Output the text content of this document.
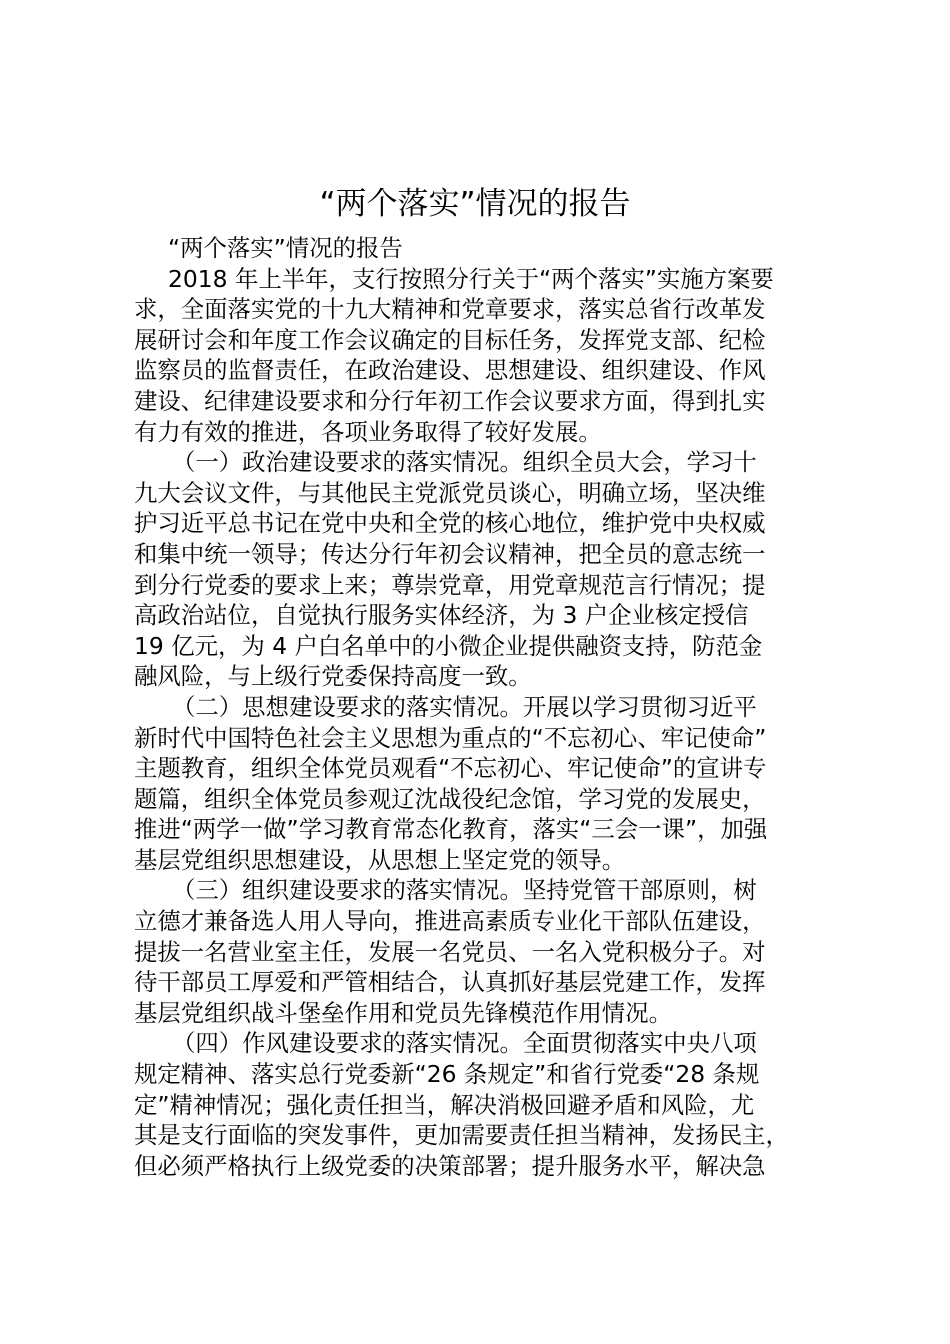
“两个落实”情况的报告
“两个落实”情况的报告
2018 年上半年，支行按照分行关于“两个落实”实施方案要
求，全面落实党的十九大精神和党章要求，落实总省行改革发
展研讨会和年度工作会议确定的目标任务，发挥党支部、纪检
监察员的监督责任，在政治建设、思想建设、组织建设、作风
建设、纪律建设要求和分行年初工作会议要求方面，得到扎实
有力有效的推进，各项业务取得了较好发展。
（一）政治建设要求的落实情况。组织全员大会，学习十
九大会议文件，与其他民主党派党员谈心，明确立场，坚决维
护习近平总书记在党中央和全党的核心地位，维护党中央权威
和集中统一领导；传达分行年初会议精神，把全员的意志统一
到分行党委的要求上来；尊崇党章，用党章规范言行情况；提
高政治站位，自觉执行服务实体经济，为 3 户企业核定授信
19 亿元，为 4 户白名单中的小微企业提供融资支持，防范金
融风险，与上级行党委保持高度一致。
（二）思想建设要求的落实情况。开展以学习贯彻习近平
新时代中国特色社会主义思想为重点的“不忘初心、牢记使命”
主题教育，组织全体党员观看“不忘初心、牢记使命”的宣讲专
题篇，组织全体党员参观辽沈战役纪念馆，学习党的发展史，
推进“两学一做”学习教育常态化教育，落实“三会一课”，加强
基层党组织思想建设，从思想上坚定党的领导。
（三）组织建设要求的落实情况。坚持党管干部原则，树
立德才兼备选人用人导向，推进高素质专业化干部队伍建设，
提拔一名营业室主任，发展一名党员、一名入党积极分子。对
待干部员工厚爱和严管相结合，认真抓好基层党建工作，发挥
基层党组织战斗堡垒作用和党员先锋模范作用情况。
（四）作风建设要求的落实情况。全面贯彻落实中央八项
规定精神、落实总行党委新“26 条规定”和省行党委“28 条规
定”精神情况；强化责任担当，解决消极回避矛盾和风险，尤
其是支行面临的突发事件，更加需要责任担当精神，发扬民主，
但必须严格执行上级党委的决策部署；提升服务水平，解决急
